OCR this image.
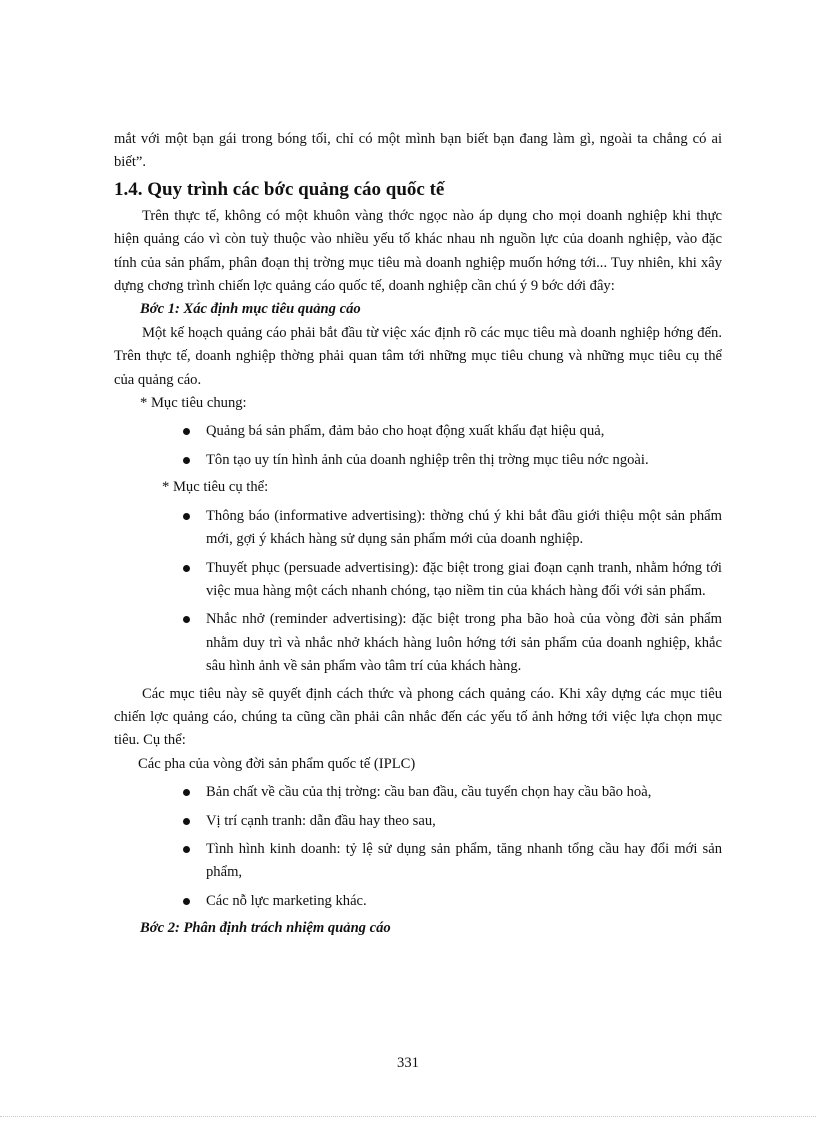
mắt với một bạn gái trong bóng tối, chỉ có một mình bạn biết bạn đang làm gì, ngoài ta chẳng có ai biết”.

1.4. Quy trình các bớc quảng cáo quốc tế

Trên thực tế, không có một khuôn vàng thớc ngọc nào áp dụng cho mọi doanh nghiệp khi thực hiện quảng cáo vì còn tuỳ thuộc vào nhiều yếu tố khác nhau nh nguồn lực của doanh nghiệp, vào đặc tính của sản phẩm, phân đoạn thị trờng mục tiêu mà doanh nghiệp muốn hớng tới... Tuy nhiên, khi xây dựng chơng trình chiến lợc quảng cáo quốc tế, doanh nghiệp cần chú ý 9 bớc dới đây:

Bớc 1: Xác định mục tiêu quảng cáo

Một kế hoạch quảng cáo phải bắt đầu từ việc xác định rõ các mục tiêu mà doanh nghiệp hớng đến. Trên thực tế, doanh nghiệp thờng phải quan tâm tới những mục tiêu chung và những mục tiêu cụ thể của quảng cáo.

* Mục tiêu chung:

Quảng bá sản phẩm, đảm bảo cho hoạt động xuất khẩu đạt hiệu quả,
Tôn tạo uy tín hình ảnh của doanh nghiệp trên thị trờng mục tiêu nớc ngoài.

* Mục tiêu cụ thể:

Thông báo (informative advertising): thờng chú ý khi bắt đầu giới thiệu một sản phẩm mới, gợi ý khách hàng sử dụng sản phẩm mới của doanh nghiệp.
Thuyết phục (persuade advertising): đặc biệt trong giai đoạn cạnh tranh, nhằm hớng tới việc mua hàng một cách nhanh chóng, tạo niềm tin của khách hàng đối với sản phẩm.
Nhắc nhở (reminder advertising): đặc biệt trong pha bão hoà của vòng đời sản phẩm nhằm duy trì và nhắc nhở khách hàng luôn hớng tới sản phẩm của doanh nghiệp, khắc sâu hình ảnh về sản phẩm vào tâm trí của khách hàng.

Các mục tiêu này sẽ quyết định cách thức và phong cách quảng cáo. Khi xây dựng các mục tiêu chiến lợc quảng cáo, chúng ta cũng cần phải cân nhắc đến các yếu tố ảnh hởng tới việc lựa chọn mục tiêu. Cụ thể:

Các pha của vòng đời sản phẩm quốc tế (IPLC)

Bản chất về cầu của thị trờng: cầu ban đầu, cầu tuyển chọn hay cầu bão hoà,
Vị trí cạnh tranh: dẫn đầu hay theo sau,
Tình hình kinh doanh: tỷ lệ sử dụng sản phẩm, tăng nhanh tổng cầu hay đổi mới sản phẩm,
Các nỗ lực marketing khác.

Bớc 2: Phân định trách nhiệm quảng cáo

331
